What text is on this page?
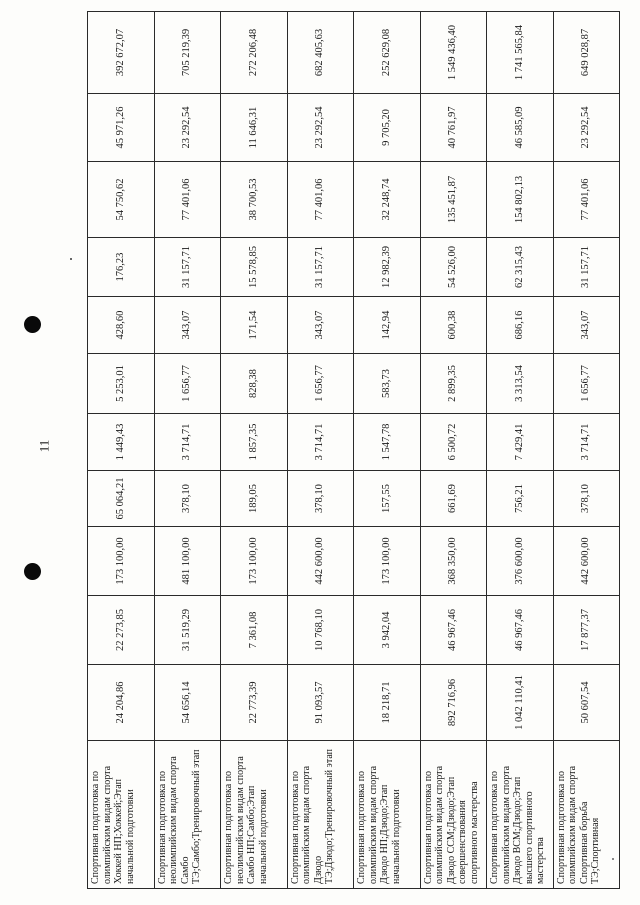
11
Спортивная подготовка по олимпийским видам спорта Хоккей НП;Хоккей;Этап начальной подготовки	24 204,86	22 273,85	173 100,00	65 064,21	1 449,43	5 253,01	428,60	176,23	54 750,62	45 971,26	392 672,07
Спортивная подготовка по неолимпийским видам спорта Самбо ТЭ;Самбо;Тренировочный этап	54 656,14	31 519,29	481 100,00	378,10	3 714,71	1 656,77	343,07	31 157,71	77 401,06	23 292,54	705 219,39
Спортивная подготовка по неолимпийским видам спорта Самбо НП;Самбо;Этап начальной подготовки	22 773,39	7 361,08	173 100,00	189,05	1 857,35	828,38	171,54	15 578,85	38 700,53	11 646,31	272 206,48
Спортивная подготовка по олимпийским видам спорта Дзюдо ТЭ;Дзюдо;Тренировочный этап	91 093,57	10 768,10	442 600,00	378,10	3 714,71	1 656,77	343,07	31 157,71	77 401,06	23 292,54	682 405,63
Спортивная подготовка по олимпийским видам спорта Дзюдо НП;Дзюдо;Этап начальной подготовки	18 218,71	3 942,04	173 100,00	157,55	1 547,78	583,73	142,94	12 982,39	32 248,74	9 705,20	252 629,08
Спортивная подготовка по олимпийским видам спорта Дзюдо ССМ;Дзюдо;Этап совершенствования спортивного мастерства	892 716,96	46 967,46	368 350,00	661,69	6 500,72	2 899,35	600,38	54 526,00	135 451,87	40 761,97	1 549 436,40
Спортивная подготовка по олимпийским видам спорта Дзюдо ВСМ;Дзюдо;Этап высшего спортивного мастерства	1 042 110,41	46 967,46	376 600,00	756,21	7 429,41	3 313,54	686,16	62 315,43	154 802,13	46 585,09	1 741 565,84
Спортивная подготовка по олимпийским видам спорта Спортивная борьба ТЭ;Спортивная	50 607,54	17 877,37	442 600,00	378,10	3 714,71	1 656,77	343,07	31 157,71	77 401,06	23 292,54	649 028,87
